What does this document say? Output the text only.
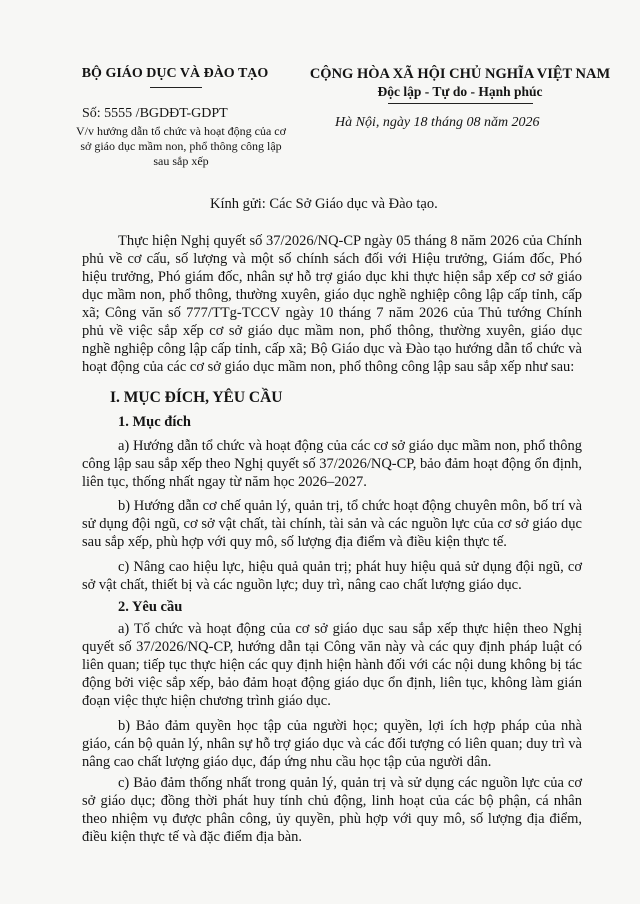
BỘ GIÁO DỤC VÀ ĐÀO TẠO
Số: 5555 /BGDĐT-GDPT
V/v hướng dẫn tổ chức và hoạt động của cơ sở giáo dục mầm non, phổ thông công lập sau sắp xếp
CỘNG HÒA XÃ HỘI CHỦ NGHĨA VIỆT NAM
Độc lập - Tự do - Hạnh phúc
Hà Nội, ngày 18 tháng 08 năm 2026
Kính gửi: Các Sở Giáo dục và Đào tạo.

Thực hiện Nghị quyết số 37/2026/NQ-CP ngày 05 tháng 8 năm 2026 của Chính phủ về cơ cấu, số lượng và một số chính sách đối với Hiệu trưởng, Giám đốc, Phó hiệu trưởng, Phó giám đốc, nhân sự hỗ trợ giáo dục khi thực hiện sắp xếp cơ sở giáo dục mầm non, phổ thông, thường xuyên, giáo dục nghề nghiệp công lập cấp tỉnh, cấp xã; Công văn số 777/TTg-TCCV ngày 10 tháng 7 năm 2026 của Thủ tướng Chính phủ về việc sắp xếp cơ sở giáo dục mầm non, phổ thông, thường xuyên, giáo dục nghề nghiệp công lập cấp tỉnh, cấp xã; Bộ Giáo dục và Đào tạo hướng dẫn tổ chức và hoạt động của các cơ sở giáo dục mầm non, phổ thông công lập sau sắp xếp như sau:

I. MỤC ĐÍCH, YÊU CẦU
1. Mục đích

a) Hướng dẫn tổ chức và hoạt động của các cơ sở giáo dục mầm non, phổ thông công lập sau sắp xếp theo Nghị quyết số 37/2026/NQ-CP, bảo đảm hoạt động ổn định, liên tục, thống nhất ngay từ năm học 2026–2027.

b) Hướng dẫn cơ chế quản lý, quản trị, tổ chức hoạt động chuyên môn, bố trí và sử dụng đội ngũ, cơ sở vật chất, tài chính, tài sản và các nguồn lực của cơ sở giáo dục sau sắp xếp, phù hợp với quy mô, số lượng địa điểm và điều kiện thực tế.

c) Nâng cao hiệu lực, hiệu quả quản trị; phát huy hiệu quả sử dụng đội ngũ, cơ sở vật chất, thiết bị và các nguồn lực; duy trì, nâng cao chất lượng giáo dục.

2. Yêu cầu

a) Tổ chức và hoạt động của cơ sở giáo dục sau sắp xếp thực hiện theo Nghị quyết số 37/2026/NQ-CP, hướng dẫn tại Công văn này và các quy định pháp luật có liên quan; tiếp tục thực hiện các quy định hiện hành đối với các nội dung không bị tác động bởi việc sắp xếp, bảo đảm hoạt động giáo dục ổn định, liên tục, không làm gián đoạn việc thực hiện chương trình giáo dục.

b) Bảo đảm quyền học tập của người học; quyền, lợi ích hợp pháp của nhà giáo, cán bộ quản lý, nhân sự hỗ trợ giáo dục và các đối tượng có liên quan; duy trì và nâng cao chất lượng giáo dục, đáp ứng nhu cầu học tập của người dân.

c) Bảo đảm thống nhất trong quản lý, quản trị và sử dụng các nguồn lực của cơ sở giáo dục; đồng thời phát huy tính chủ động, linh hoạt của các bộ phận, cá nhân theo nhiệm vụ được phân công, ủy quyền, phù hợp với quy mô, số lượng địa điểm, điều kiện thực tế và đặc điểm địa bàn.
